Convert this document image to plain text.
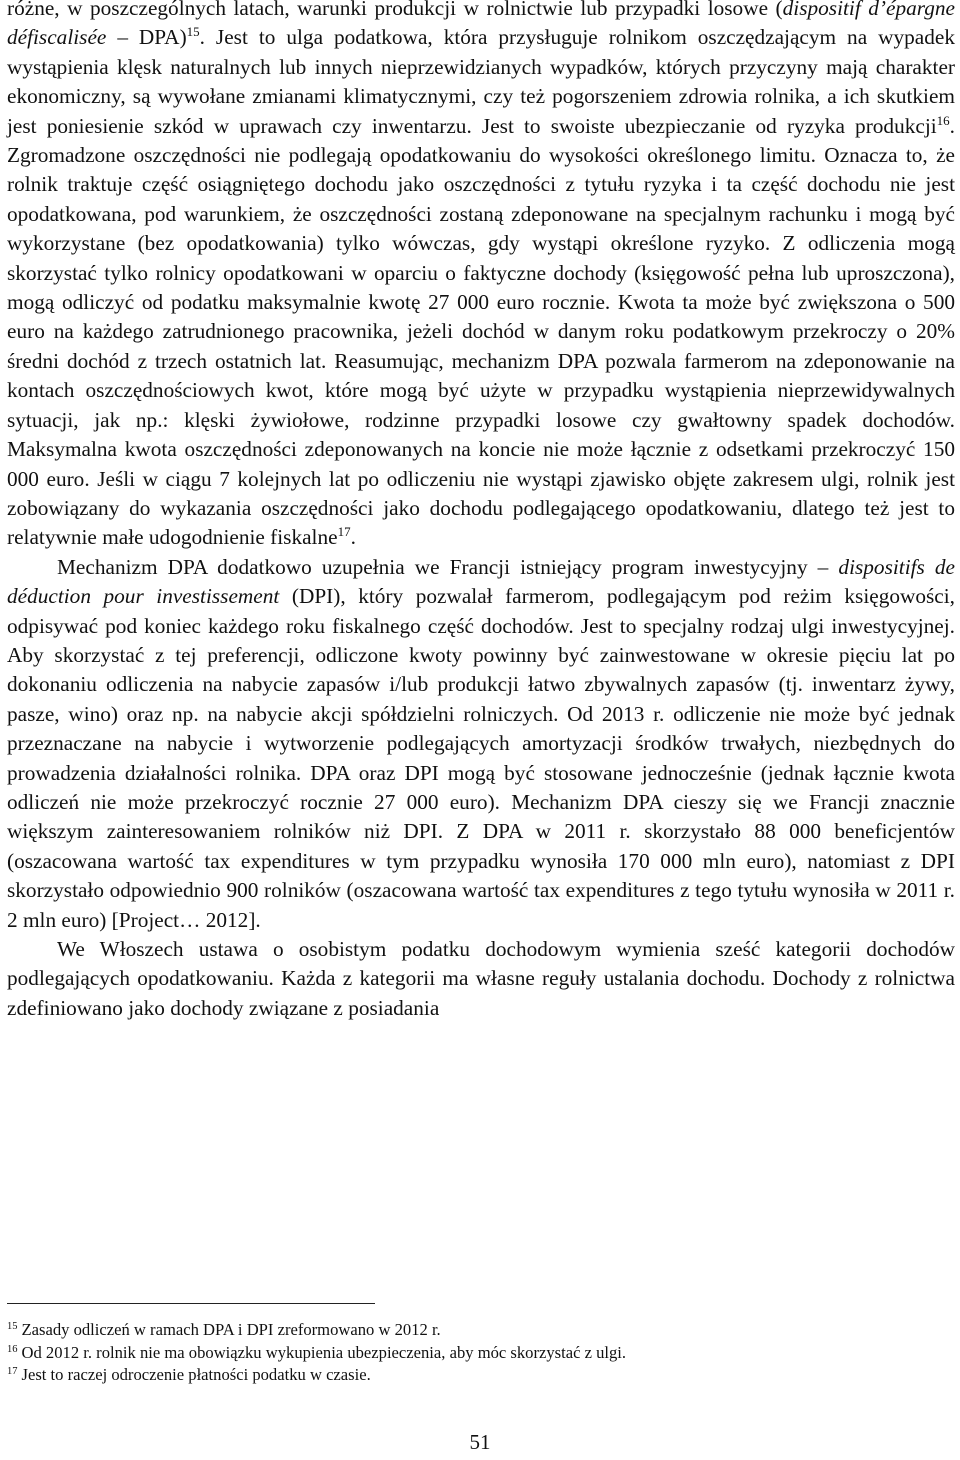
różne, w poszczególnych latach, warunki produkcji w rolnictwie lub przypadki losowe (dispositif d’épargne défiscalisée – DPA)$^{15}$. Jest to ulga podatkowa, która przysługuje rolnikom oszczędzającym na wypadek wystąpienia klęsk naturalnych lub innych nieprzewidzianych wypadków, których przyczyny mają charakter ekonomiczny, są wywołane zmianami klimatycznymi, czy też pogorszeniem zdrowia rolnika, a ich skutkiem jest poniesienie szkód w uprawach czy inwentarzu. Jest to swoiste ubezpieczanie od ryzyka produkcji$^{16}$. Zgromadzone oszczędności nie podlegają opodatkowaniu do wysokości określonego limitu. Oznacza to, że rolnik traktuje część osiągniętego dochodu jako oszczędności z tytułu ryzyka i ta część dochodu nie jest opodatkowana, pod warunkiem, że oszczędności zostaną zdeponowane na specjalnym rachunku i mogą być wykorzystane (bez opodatkowania) tylko wówczas, gdy wystąpi określone ryzyko. Z odliczenia mogą skorzystać tylko rolnicy opodatkowani w oparciu o faktyczne dochody (księgowość pełna lub uproszczona), mogą odliczyć od podatku maksymalnie kwotę 27 000 euro rocznie. Kwota ta może być zwiększona o 500 euro na każdego zatrudnionego pracownika, jeżeli dochód w danym roku podatkowym przekroczy o 20% średni dochód z trzech ostatnich lat. Reasumując, mechanizm DPA pozwala farmerom na zdeponowanie na kontach oszczędnościowych kwot, które mogą być użyte w przypadku wystąpienia nieprzewidywalnych sytuacji, jak np.: klęski żywiołowe, rodzinne przypadki losowe czy gwałtowny spadek dochodów. Maksymalna kwota oszczędności zdeponowanych na koncie nie może łącznie z odsetkami przekroczyć 150 000 euro. Jeśli w ciągu 7 kolejnych lat po odliczeniu nie wystąpi zjawisko objęte zakresem ulgi, rolnik jest zobowiązany do wykazania oszczędności jako dochodu podlegającego opodatkowaniu, dlatego też jest to relatywnie małe udogodnienie fiskalne$^{17}$.

Mechanizm DPA dodatkowo uzupełnia we Francji istniejący program inwestycyjny – dispositifs de déduction pour investissement (DPI), który pozwalał farmerom, podlegającym pod reżim księgowości, odpisywać pod koniec każdego roku fiskalnego część dochodów. Jest to specjalny rodzaj ulgi inwestycyjnej. Aby skorzystać z tej preferencji, odliczone kwoty powinny być zainwestowane w okresie pięciu lat po dokonaniu odliczenia na nabycie zapasów i/lub produkcji łatwo zbywalnych zapasów (tj. inwentarz żywy, pasze, wino) oraz np. na nabycie akcji spółdzielni rolniczych. Od 2013 r. odliczenie nie może być jednak przeznaczane na nabycie i wytworzenie podlegających amortyzacji środków trwałych, niezbędnych do prowadzenia działalności rolnika. DPA oraz DPI mogą być stosowane jednocześnie (jednak łącznie kwota odliczeń nie może przekroczyć rocznie 27 000 euro). Mechanizm DPA cieszy się we Francji znacznie większym zainteresowaniem rolników niż DPI. Z DPA w 2011 r. skorzystało 88 000 beneficjentów (oszacowana wartość tax expenditures w tym przypadku wynosiła 170 000 mln euro), natomiast z DPI skorzystało odpowiednio 900 rolników (oszacowana wartość tax expenditures z tego tytułu wynosiła w 2011 r. 2 mln euro) [Project… 2012].

We Włoszech ustawa o osobistym podatku dochodowym wymienia sześć kategorii dochodów podlegających opodatkowaniu. Każda z kategorii ma własne reguły ustalania dochodu. Dochody z rolnictwa zdefiniowano jako dochody związane z posiadania

$^{15}$ Zasady odliczeń w ramach DPA i DPI zreformowano w 2012 r.

$^{16}$ Od 2012 r. rolnik nie ma obowiązku wykupienia ubezpieczenia, aby móc skorzystać z ulgi.

$^{17}$ Jest to raczej odroczenie płatności podatku w czasie.

51
